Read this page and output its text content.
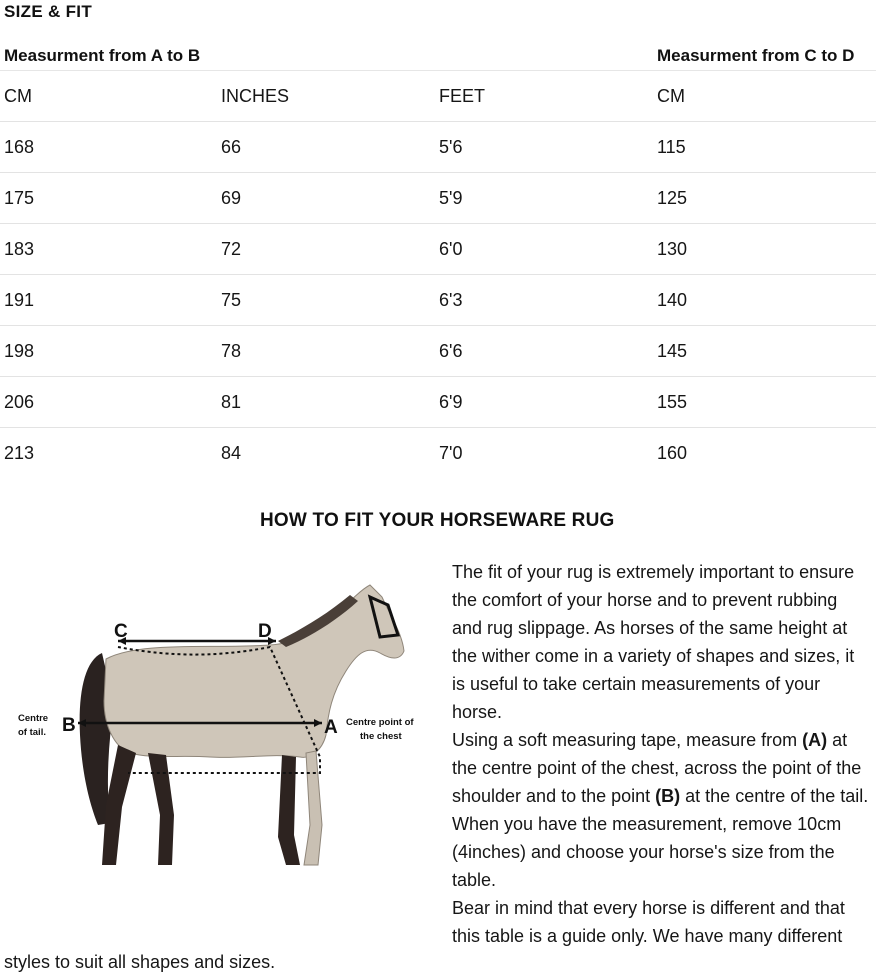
SIZE & FIT
Measurment from A to B	Measurment from C to D
CM	INCHES	FEET	CM
168	66	5'6	115
175	69	5'9	125
183	72	6'0	130
191	75	6'3	140
198	78	6'6	145
206	81	6'9	155
213	84	7'0	160
HOW TO FIT YOUR HORSEWARE RUG
C	D
B	A
Centre
of tail.
Centre point of
the chest

The fit of your rug is extremely important to ensure the comfort of your horse and to prevent rubbing and rug slippage. As horses of the same height at the wither come in a variety of shapes and sizes, it is useful to take certain measurements of your horse.

Using a soft measuring tape, measure from (A) at the centre point of the chest, across the point of the shoulder and to the point (B) at the centre of the tail. When you have the measurement, remove 10cm (4inches) and choose your horse's size from the table.

Bear in mind that every horse is different and that this table is a guide only. We have many different

styles to suit all shapes and sizes.
